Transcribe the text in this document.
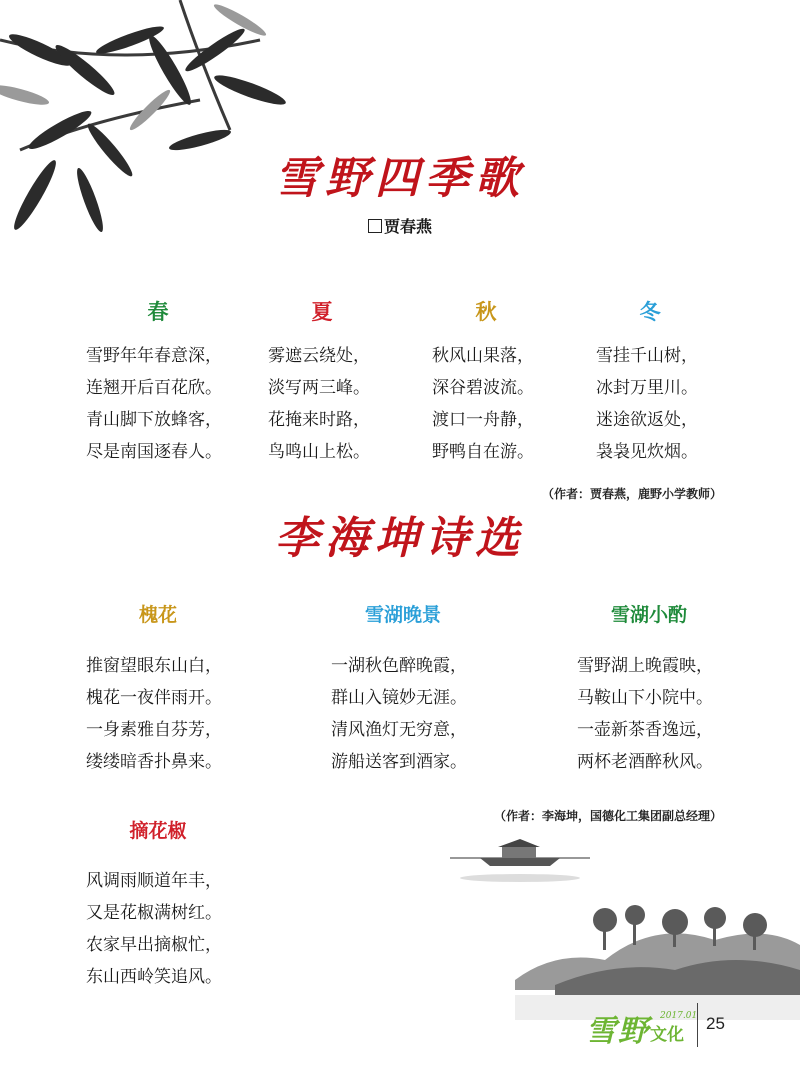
雪野四季歌
贾春燕
春	夏	秋	冬
雪野年年春意深，
连翘开后百花欣。
青山脚下放蜂客，
尽是南国逐春人。
雾遮云绕处，
淡写两三峰。
花掩来时路，
鸟鸣山上松。
秋风山果落，
深谷碧波流。
渡口一舟静，
野鸭自在游。
雪挂千山树，
冰封万里川。
迷途欲返处，
袅袅见炊烟。
（作者：贾春燕，鹿野小学教师）
李海坤诗选
槐花	雪湖晚景	雪湖小酌
推窗望眼东山白，
槐花一夜伴雨开。
一身素雅自芬芳，
缕缕暗香扑鼻来。
一湖秋色醉晚霞，
群山入镜妙无涯。
清风渔灯无穷意，
游船送客到酒家。
雪野湖上晚霞映，
马鞍山下小院中。
一壶新茶香逸远，
两杯老酒醉秋风。
（作者：李海坤，国德化工集团副总经理）
摘花椒
风调雨顺道年丰，
又是花椒满树红。
农家早出摘椒忙，
东山西岭笑追风。
雪野 2017.01
文化
25
